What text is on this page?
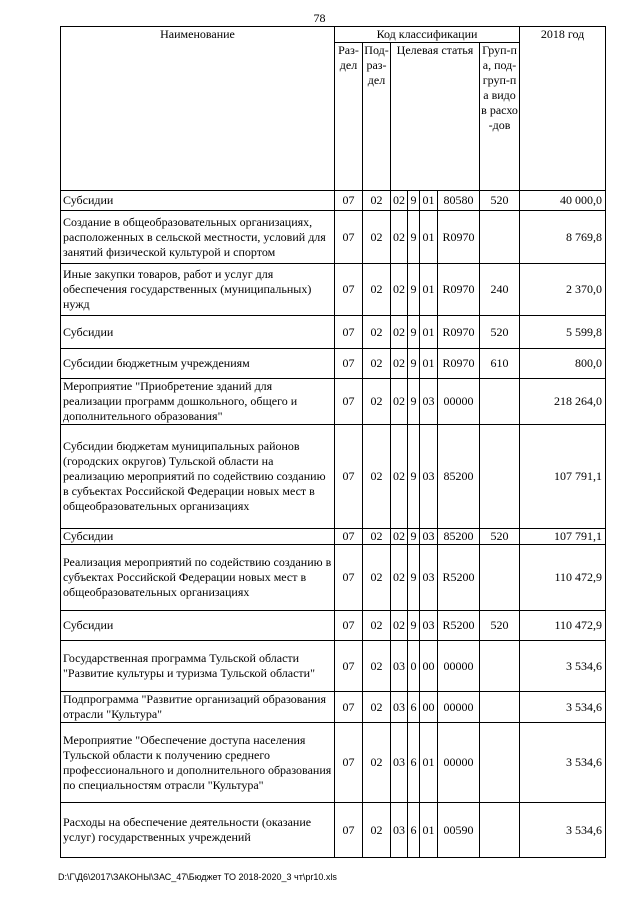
78
Наименование	Код классификации							2018 год
	Раз-дел	Под-раз-дел	Целевая статья				Груп-па, под-груп-па видов расхо-дов	
Субсидии	07	02	02	9	01	80580	520	40 000,0
Создание в общеобразовательных организациях, расположенных в сельской местности, условий для занятий физической культурой и спортом	07	02	02	9	01	R0970		8 769,8
Иные закупки товаров, работ и услуг для обеспечения государственных (муниципальных) нужд	07	02	02	9	01	R0970	240	2 370,0
Субсидии	07	02	02	9	01	R0970	520	5 599,8
Субсидии бюджетным учреждениям	07	02	02	9	01	R0970	610	800,0
Мероприятие "Приобретение зданий для реализации программ дошкольного, общего и дополнительного образования"	07	02	02	9	03	00000		218 264,0
Субсидии бюджетам муниципальных районов (городских округов) Тульской области на реализацию мероприятий по содействию созданию в субъектах Российской Федерации новых мест в общеобразовательных организациях	07	02	02	9	03	85200		107 791,1
Субсидии	07	02	02	9	03	85200	520	107 791,1
Реализация мероприятий по содействию созданию в субъектах Российской Федерации новых мест в общеобразовательных организациях	07	02	02	9	03	R5200		110 472,9
Субсидии	07	02	02	9	03	R5200	520	110 472,9
Государственная программа Тульской области "Развитие культуры и туризма Тульской области"	07	02	03	0	00	00000		3 534,6
Подпрограмма "Развитие организаций образования отрасли "Культура"	07	02	03	6	00	00000		3 534,6
Мероприятие "Обеспечение доступа населения Тульской области к получению среднего профессионального и дополнительного образования по специальностям отрасли "Культура"	07	02	03	6	01	00000		3 534,6
Расходы на обеспечение деятельности (оказание услуг) государственных учреждений	07	02	03	6	01	00590		3 534,6
D:\Г\Д6\2017\ЗАКОНЫ\ЗАС_47\Бюджет ТО 2018-2020_3 чт\pr10.xls
